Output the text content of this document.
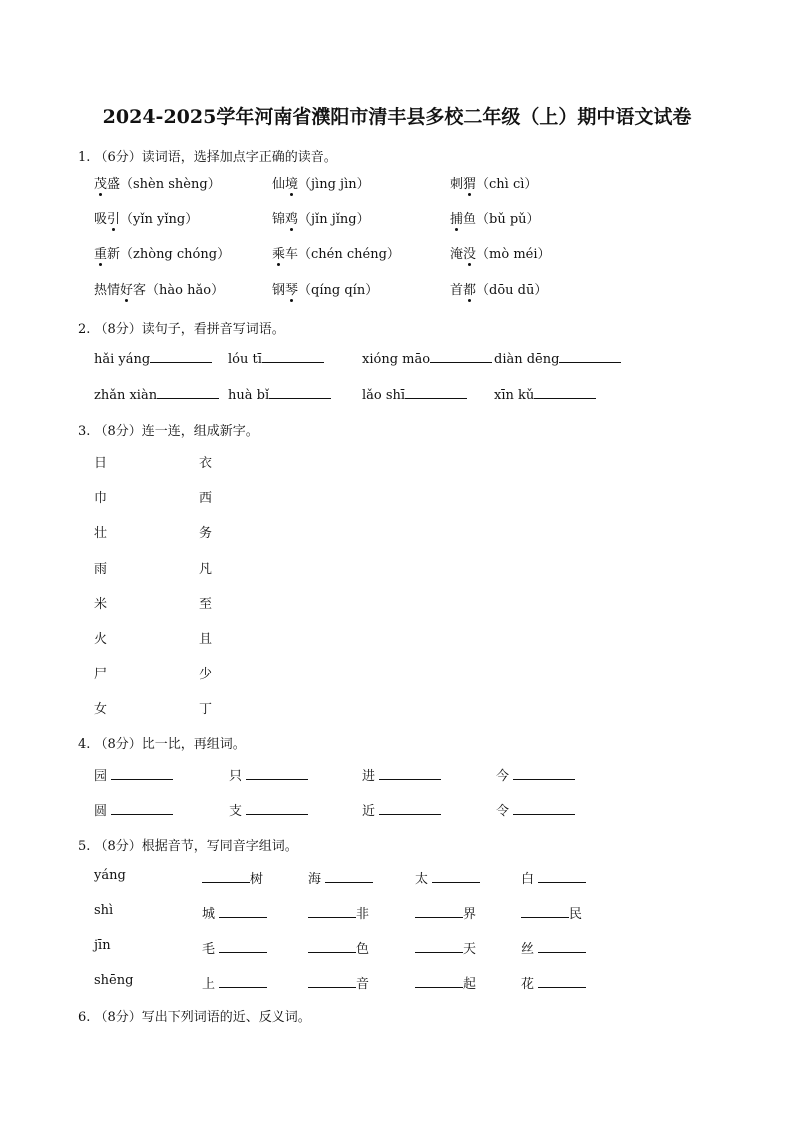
2024-2025学年河南省濮阳市清丰县多校二年级（上）期中语文试卷
1. （6分）读词语，选择加点字正确的读音。
茂盛（shèn shèng）	仙境（jìng jìn）	刺猬（chì cì）
吸引（yǐn yǐng）	锦鸡（jǐn jǐng）	捕鱼（bǔ pǔ）
重新（zhòng chóng）	乘车（chén chéng）	淹没（mò méi）
热情好客（hào hǎo）	钢琴（qíng qín）	首都（dōu dū）
2. （8分）读句子，看拼音写词语。
hǎi yáng	lóu tī	xióng māo	diàn dēng
zhǎn xiàn	huà bǐ	lǎo shī	xīn kǔ
3. （8分）连一连，组成新字。
日	衣
巾	西
壮	务
雨	凡
米	至
火	且
尸	少
女	丁
4. （8分）比一比，再组词。
园	只	进	今
圆	支	近	令
5. （8分）根据音节，写同音字组词。
yáng	树	海	太	白
shì	城	非	界	民
jīn	毛	色	天	丝
shēng	上	音	起	花
6. （8分）写出下列词语的近、反义词。
